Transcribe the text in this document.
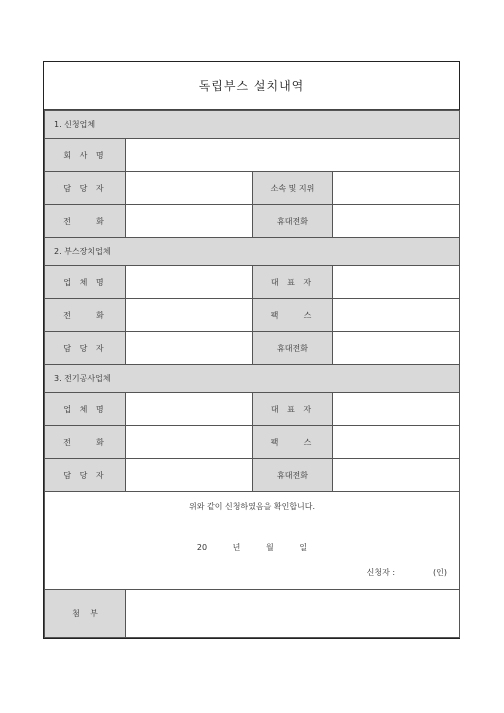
독립부스 설치내역
1. 신청업체			
회 사 명			
담 당 자		소속 및 지위	
전    화		휴대전화	
2. 부스장치업체			
업 체 명		대 표 자	
전    화		팩    스	
담 당 자		휴대전화	
3. 전기공사업체			
업 체 명		대 표 자	
전    화		팩    스	
담 당 자		휴대전화	

위와 같이 신청하였음을 확인합니다.
20   년   월   일
신청자 : (인)			

첨    부			
